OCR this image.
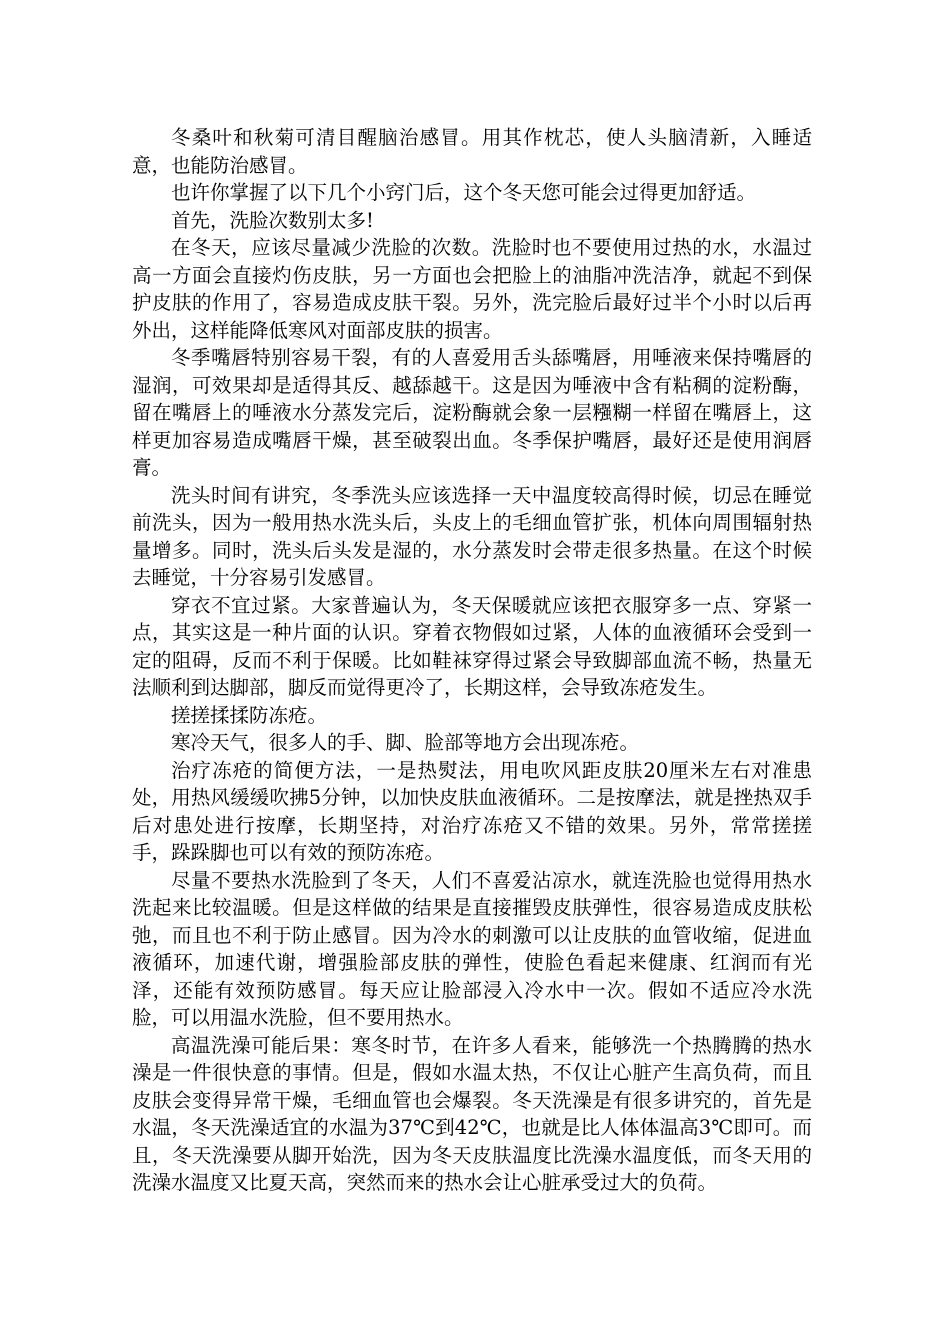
冬桑叶和秋菊可清目醒脑治感冒。用其作枕芯，使人头脑清新，入睡适意，也能防治感冒。

也许你掌握了以下几个小窍门后，这个冬天您可能会过得更加舒适。

首先，洗脸次数别太多!

在冬天，应该尽量减少洗脸的次数。洗脸时也不要使用过热的水，水温过高一方面会直接灼伤皮肤，另一方面也会把脸上的油脂冲洗洁净，就起不到保护皮肤的作用了，容易造成皮肤干裂。另外，洗完脸后最好过半个小时以后再外出，这样能降低寒风对面部皮肤的损害。

冬季嘴唇特别容易干裂，有的人喜爱用舌头舔嘴唇，用唾液来保持嘴唇的湿润，可效果却是适得其反、越舔越干。这是因为唾液中含有粘稠的淀粉酶，留在嘴唇上的唾液水分蒸发完后，淀粉酶就会象一层糨糊一样留在嘴唇上，这样更加容易造成嘴唇干燥，甚至破裂出血。冬季保护嘴唇，最好还是使用润唇膏。

洗头时间有讲究，冬季洗头应该选择一天中温度较高得时候，切忌在睡觉前洗头，因为一般用热水洗头后，头皮上的毛细血管扩张，机体向周围辐射热量增多。同时，洗头后头发是湿的，水分蒸发时会带走很多热量。在这个时候去睡觉，十分容易引发感冒。

穿衣不宜过紧。大家普遍认为，冬天保暖就应该把衣服穿多一点、穿紧一点，其实这是一种片面的认识。穿着衣物假如过紧，人体的血液循环会受到一定的阻碍，反而不利于保暖。比如鞋袜穿得过紧会导致脚部血流不畅，热量无法顺利到达脚部，脚反而觉得更冷了，长期这样，会导致冻疮发生。

搓搓揉揉防冻疮。

寒冷天气，很多人的手、脚、脸部等地方会出现冻疮。

治疗冻疮的简便方法，一是热熨法，用电吹风距皮肤20厘米左右对准患处，用热风缓缓吹拂5分钟，以加快皮肤血液循环。二是按摩法，就是挫热双手后对患处进行按摩，长期坚持，对治疗冻疮又不错的效果。另外，常常搓搓手，跺跺脚也可以有效的预防冻疮。

尽量不要热水洗脸到了冬天，人们不喜爱沾凉水，就连洗脸也觉得用热水洗起来比较温暖。但是这样做的结果是直接摧毁皮肤弹性，很容易造成皮肤松弛，而且也不利于防止感冒。因为冷水的刺激可以让皮肤的血管收缩，促进血液循环，加速代谢，增强脸部皮肤的弹性，使脸色看起来健康、红润而有光泽，还能有效预防感冒。每天应让脸部浸入冷水中一次。假如不适应冷水洗脸，可以用温水洗脸，但不要用热水。

高温洗澡可能后果：寒冬时节，在许多人看来，能够洗一个热腾腾的热水澡是一件很快意的事情。但是，假如水温太热，不仅让心脏产生高负荷，而且皮肤会变得异常干燥，毛细血管也会爆裂。冬天洗澡是有很多讲究的，首先是水温，冬天洗澡适宜的水温为37℃到42℃，也就是比人体体温高3℃即可。而且，冬天洗澡要从脚开始洗，因为冬天皮肤温度比洗澡水温度低，而冬天用的洗澡水温度又比夏天高，突然而来的热水会让心脏承受过大的负荷。
